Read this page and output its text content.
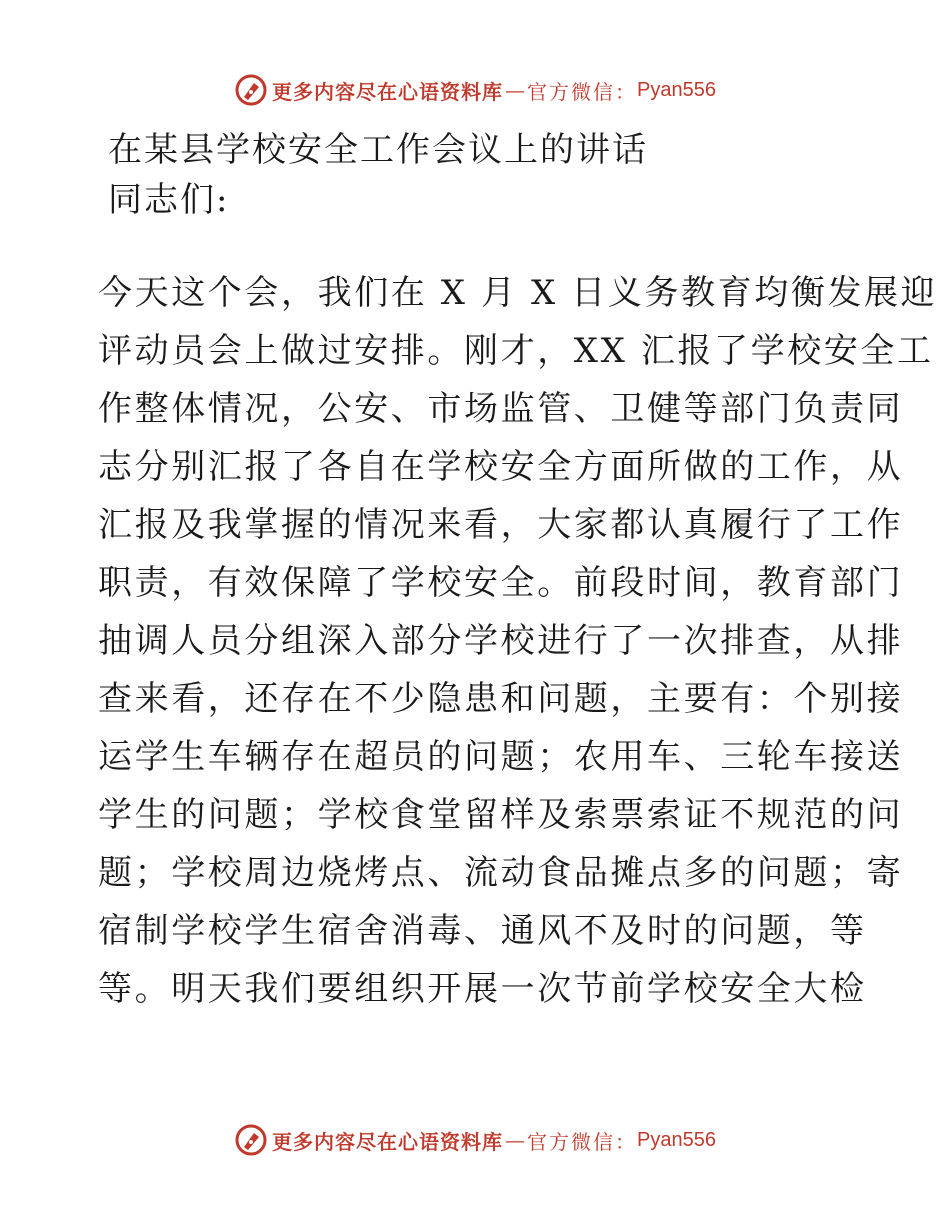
更多内容尽在心语资料库 — 官方微信： Pyan556
在某县学校安全工作会议上的讲话

同志们:

今天这个会，我们在 X 月 X 日义务教育均衡发展迎
评动员会上做过安排。刚才，XX 汇报了学校安全工
作整体情况，公安、市场监管、卫健等部门负责同
志分别汇报了各自在学校安全方面所做的工作，从
汇报及我掌握的情况来看，大家都认真履行了工作
职责，有效保障了学校安全。前段时间，教育部门
抽调人员分组深入部分学校进行了一次排查，从排
查来看，还存在不少隐患和问题，主要有：个别接
运学生车辆存在超员的问题；农用车、三轮车接送
学生的问题；学校食堂留样及索票索证不规范的问
题；学校周边烧烤点、流动食品摊点多的问题；寄
宿制学校学生宿舍消毒、通风不及时的问题，等
等。明天我们要组织开展一次节前学校安全大检
更多内容尽在心语资料库 — 官方微信： Pyan556
